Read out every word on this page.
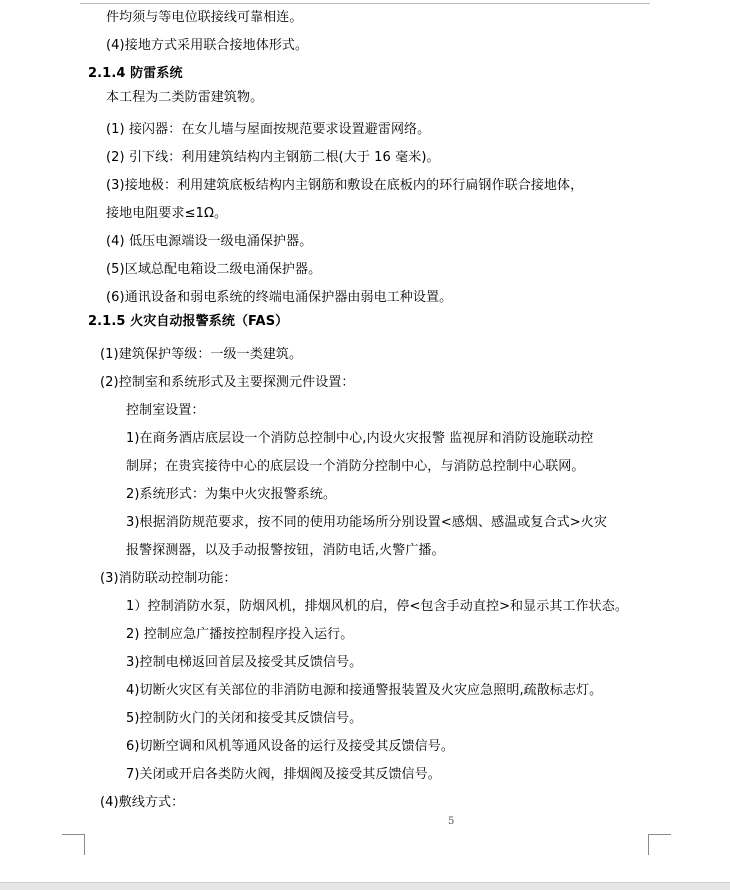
件均须与等电位联接线可靠相连。
(4)接地方式采用联合接地体形式。
2.1.4 防雷系统
本工程为二类防雷建筑物。
(1) 接闪器：在女儿墙与屋面按规范要求设置避雷网络。
(2) 引下线：利用建筑结构内主钢筋二根(大于 16 毫米)。
(3)接地极：利用建筑底板结构内主钢筋和敷设在底板内的环行扁钢作联合接地体，
接地电阻要求≤1Ω。
(4) 低压电源端设一级电涌保护器。
(5)区域总配电箱设二级电涌保护器。
(6)通讯设备和弱电系统的终端电涌保护器由弱电工种设置。
2.1.5 火灾自动报警系统（FAS）
(1)建筑保护等级：一级一类建筑。
(2)控制室和系统形式及主要探测元件设置：
控制室设置：
1)在商务酒店底层设一个消防总控制中心,内设火灾报警 监视屏和消防设施联动控
制屏；在贵宾接待中心的底层设一个消防分控制中心，与消防总控制中心联网。
2)系统形式：为集中火灾报警系统。
3)根据消防规范要求，按不同的使用功能场所分别设置<感烟、感温或复合式>火灾
报警探测器，以及手动报警按钮，消防电话,火警广播。
(3)消防联动控制功能：
1）控制消防水泵，防烟风机，排烟风机的启，停<包含手动直控>和显示其工作状态。
2) 控制应急广播按控制程序投入运行。
3)控制电梯返回首层及接受其反馈信号。
4)切断火灾区有关部位的非消防电源和接通警报装置及火灾应急照明,疏散标志灯。
5)控制防火门的关闭和接受其反馈信号。
6)切断空调和风机等通风设备的运行及接受其反馈信号。
7)关闭或开启各类防火阀，排烟阀及接受其反馈信号。
(4)敷线方式：
5
